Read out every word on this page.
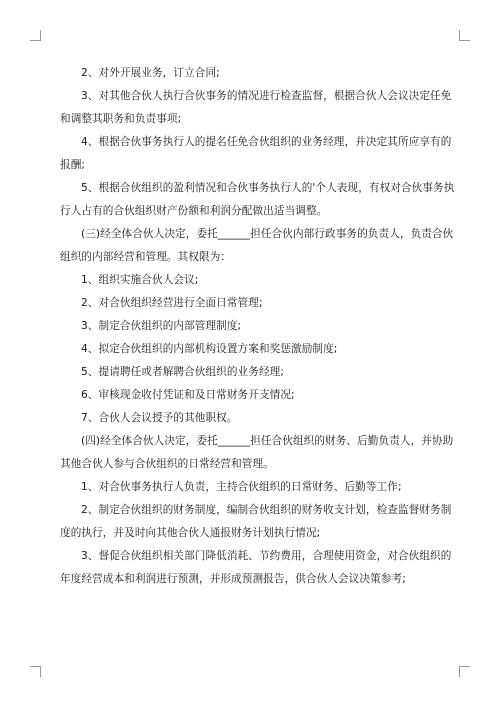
2、对外开展业务，订立合同;
3、对其他合伙人执行合伙事务的情况进行检查监督，根据合伙人会议决定任免
和调整其职务和负责事项;
4、根据合伙事务执行人的提名任免合伙组织的业务经理，并决定其所应享有的
报酬;
5、根据合伙组织的盈利情况和合伙事务执行人的'个人表现，有权对合伙事务执
行人占有的合伙组织财产份额和利润分配做出适当调整。
(三)经全体合伙人决定，委托______担任合伙内部行政事务的负责人，负责合伙
组织的内部经营和管理。其权限为：
1、组织实施合伙人会议;
2、对合伙组织经营进行全面日常管理;
3、制定合伙组织的内部管理制度;
4、拟定合伙组织的内部机构设置方案和奖惩激励制度;
5、提请聘任或者解聘合伙组织的业务经理;
6、审核现金收付凭证和及日常财务开支情况;
7、合伙人会议授予的其他职权。
(四)经全体合伙人决定，委托______担任合伙组织的财务、后勤负责人，并协助
其他合伙人参与合伙组织的日常经营和管理。
1、对合伙事务执行人负责，主持合伙组织的日常财务、后勤等工作;
2、制定合伙组织的财务制度，编制合伙组织的财务收支计划，检查监督财务制
度的执行，并及时向其他合伙人通报财务计划执行情况;
3、督促合伙组织相关部门降低消耗、节约费用，合理使用资金，对合伙组织的
年度经营成本和利润进行预测，并形成预测报告，供合伙人会议决策参考;
